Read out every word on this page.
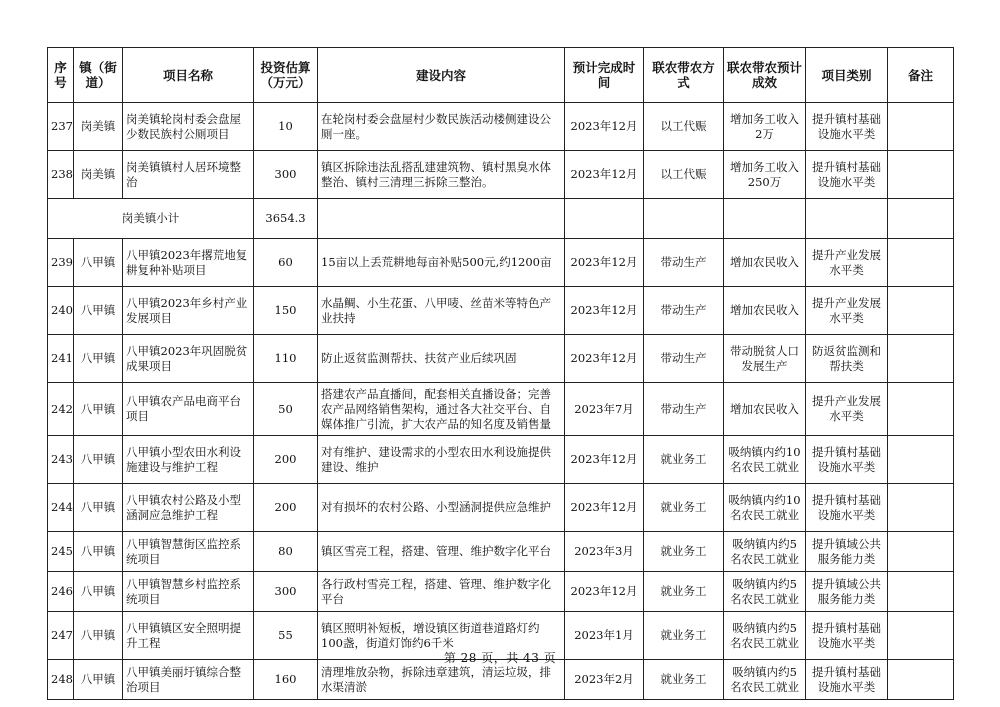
序号	镇（街道）	项目名称	投资估算（万元）	建设内容	预计完成时间	联农带农方式	联农带农预计成效	项目类别	备注
237	岗美镇	岗美镇轮岗村委会盘屋少数民族村公厕项目	10	在轮岗村委会盘屋村少数民族活动楼侧建设公厕一座。	2023年12月	以工代赈	增加务工收入2万	提升镇村基础设施水平类	
238	岗美镇	岗美镇镇村人居环境整治	300	镇区拆除违法乱搭乱建建筑物、镇村黑臭水体整治、镇村三清理三拆除三整治。	2023年12月	以工代赈	增加务工收入250万	提升镇村基础设施水平类	
岗美镇小计			3654.3						
239	八甲镇	八甲镇2023年撂荒地复耕复种补贴项目	60	15亩以上丢荒耕地每亩补贴500元,约1200亩	2023年12月	带动生产	增加农民收入	提升产业发展水平类	
240	八甲镇	八甲镇2023年乡村产业发展项目	150	水晶鲷、小生花蛋、八甲唛、丝苗米等特色产业扶持	2023年12月	带动生产	增加农民收入	提升产业发展水平类	
241	八甲镇	八甲镇2023年巩固脱贫成果项目	110	防止返贫监测帮扶、扶贫产业后续巩固	2023年12月	带动生产	带动脱贫人口发展生产	防返贫监测和帮扶类	
242	八甲镇	八甲镇农产品电商平台项目	50	搭建农产品直播间，配套相关直播设备；完善农产品网络销售架构，通过各大社交平台、自媒体推广引流，扩大农产品的知名度及销售量	2023年7月	带动生产	增加农民收入	提升产业发展水平类	
243	八甲镇	八甲镇小型农田水利设施建设与维护工程	200	对有维护、建设需求的小型农田水利设施提供建设、维护	2023年12月	就业务工	吸纳镇内约10名农民工就业	提升镇村基础设施水平类	
244	八甲镇	八甲镇农村公路及小型涵洞应急维护工程	200	对有损坏的农村公路、小型涵洞提供应急维护	2023年12月	就业务工	吸纳镇内约10名农民工就业	提升镇村基础设施水平类	
245	八甲镇	八甲镇智慧街区监控系统项目	80	镇区雪亮工程，搭建、管理、维护数字化平台	2023年3月	就业务工	吸纳镇内约5名农民工就业	提升镇域公共服务能力类	
246	八甲镇	八甲镇智慧乡村监控系统项目	300	各行政村雪亮工程，搭建、管理、维护数字化平台	2023年12月	就业务工	吸纳镇内约5名农民工就业	提升镇域公共服务能力类	
247	八甲镇	八甲镇镇区安全照明提升工程	55	镇区照明补短板，增设镇区街道巷道路灯约100盏，街道灯饰约6千米	2023年1月	就业务工	吸纳镇内约5名农民工就业	提升镇村基础设施水平类	
248	八甲镇	八甲镇美丽圩镇综合整治项目	160	清理堆放杂物，拆除违章建筑，清运垃圾，排水渠清淤	2023年2月	就业务工	吸纳镇内约5名农民工就业	提升镇村基础设施水平类	
第 28 页，共 43 页
